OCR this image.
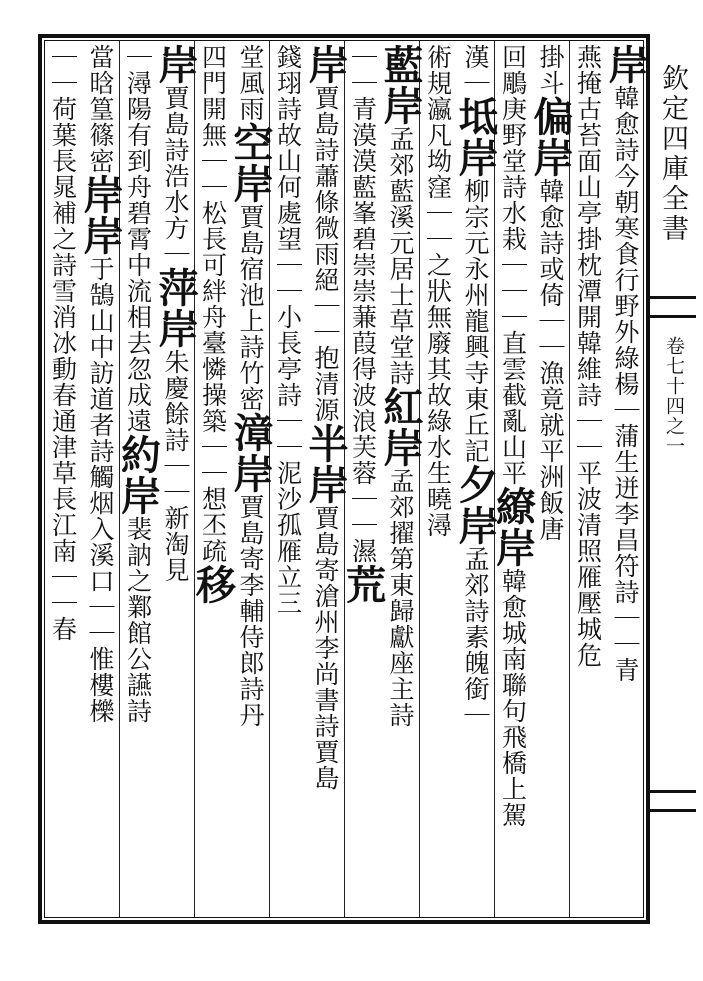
欽定四庫全書
卷七十四之一
岸韓愈詩今朝寒食行野外綠楊｜蒲生迸李昌符詩｜｜青
燕掩古苔面山亭掛枕潭開韓維詩｜｜平波清照雁壓城危
掛斗偏岸韓愈詩或倚｜｜漁竟就平洲飯唐
回鵰庚野堂詩水栽｜｜｜直雲截亂山平繚岸韓愈城南聯句飛橋上駕
漢｜坻岸柳宗元永州龍興寺東丘記夕岸孟郊詩素魄銜｜
術規瀛凡坳窪｜｜之狀無廢其故綠水生曉潯
藍岸孟郊藍溪元居士草堂詩紅岸孟郊擢第東歸獻座主詩
｜｜青漠漠藍峯碧崇崇蒹葭得波浪芙蓉｜｜濕荒
岸賈島詩蕭條微雨絕｜｜抱清源半岸賈島寄滄州李尚書詩賈島
錢珝詩故山何處望｜｜小長亭詩｜｜泥沙孤雁立三
堂風雨空岸賈島宿池上詩竹密漳岸賈島寄李輔侍郎詩丹
四門開無｜｜松長可絆舟臺憐操築｜｜想丕疏移
岸賈島詩浩水方｜萍岸朱慶餘詩｜｜新淘見
｜潯陽有到舟碧霄中流相去忽成遠約岸裴訥之鄴館公讌詩
當晗篁篠密岸岸于鵠山中訪道者詩觸烟入溪口｜｜惟樓櫟
｜｜荷葉長晁補之詩雪消冰動春通津草長江南｜｜春
